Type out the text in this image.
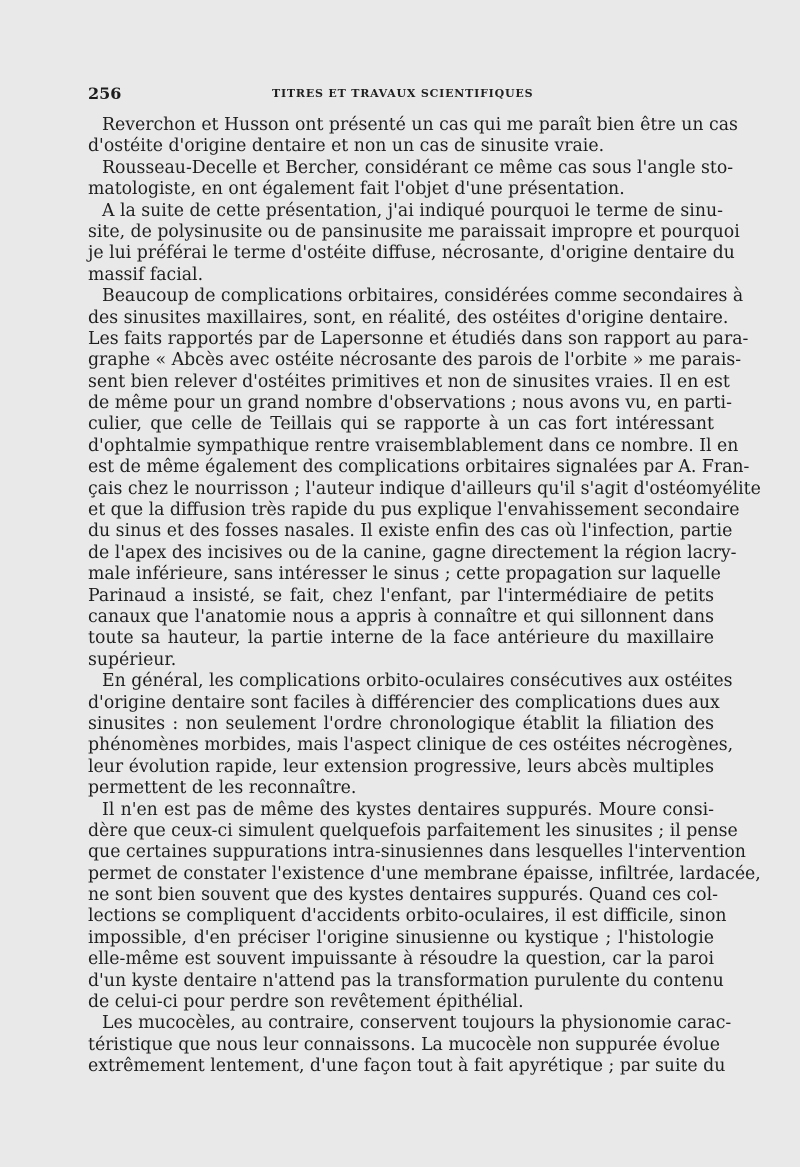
256	TITRES ET TRAVAUX SCIENTIFIQUES
Reverchon et Husson ont présenté un cas qui me paraît bien être un cas
d'ostéite d'origine dentaire et non un cas de sinusite vraie.
Rousseau-Decelle et Bercher, considérant ce même cas sous l'angle sto-
matologiste, en ont également fait l'objet d'une présentation.
A la suite de cette présentation, j'ai indiqué pourquoi le terme de sinu-
site, de polysinusite ou de pansinusite me paraissait impropre et pourquoi
je lui préférai le terme d'ostéite diffuse, nécrosante, d'origine dentaire du
massif facial.
Beaucoup de complications orbitaires, considérées comme secondaires à
des sinusites maxillaires, sont, en réalité, des ostéites d'origine dentaire.
Les faits rapportés par de Lapersonne et étudiés dans son rapport au para-
graphe « Abcès avec ostéite nécrosante des parois de l'orbite » me parais-
sent bien relever d'ostéites primitives et non de sinusites vraies. Il en est
de même pour un grand nombre d'observations ; nous avons vu, en parti-
culier, que celle de Teillais qui se rapporte à un cas fort intéressant
d'ophtalmie sympathique rentre vraisemblablement dans ce nombre. Il en
est de même également des complications orbitaires signalées par A. Fran-
çais chez le nourrisson ; l'auteur indique d'ailleurs qu'il s'agit d'ostéomyélite
et que la diffusion très rapide du pus explique l'envahissement secondaire
du sinus et des fosses nasales. Il existe enfin des cas où l'infection, partie
de l'apex des incisives ou de la canine, gagne directement la région lacry-
male inférieure, sans intéresser le sinus ; cette propagation sur laquelle
Parinaud a insisté, se fait, chez l'enfant, par l'intermédiaire de petits
canaux que l'anatomie nous a appris à connaître et qui sillonnent dans
toute sa hauteur, la partie interne de la face antérieure du maxillaire
supérieur.
En général, les complications orbito-oculaires consécutives aux ostéites
d'origine dentaire sont faciles à différencier des complications dues aux
sinusites : non seulement l'ordre chronologique établit la filiation des
phénomènes morbides, mais l'aspect clinique de ces ostéites nécrogènes,
leur évolution rapide, leur extension progressive, leurs abcès multiples
permettent de les reconnaître.
Il n'en est pas de même des kystes dentaires suppurés. Moure consi-
dère que ceux-ci simulent quelquefois parfaitement les sinusites ; il pense
que certaines suppurations intra-sinusiennes dans lesquelles l'intervention
permet de constater l'existence d'une membrane épaisse, infiltrée, lardacée,
ne sont bien souvent que des kystes dentaires suppurés. Quand ces col-
lections se compliquent d'accidents orbito-oculaires, il est difficile, sinon
impossible, d'en préciser l'origine sinusienne ou kystique ; l'histologie
elle-même est souvent impuissante à résoudre la question, car la paroi
d'un kyste dentaire n'attend pas la transformation purulente du contenu
de celui-ci pour perdre son revêtement épithélial.
Les mucocèles, au contraire, conservent toujours la physionomie carac-
téristique que nous leur connaissons. La mucocèle non suppurée évolue
extrêmement lentement, d'une façon tout à fait apyrétique ; par suite du
